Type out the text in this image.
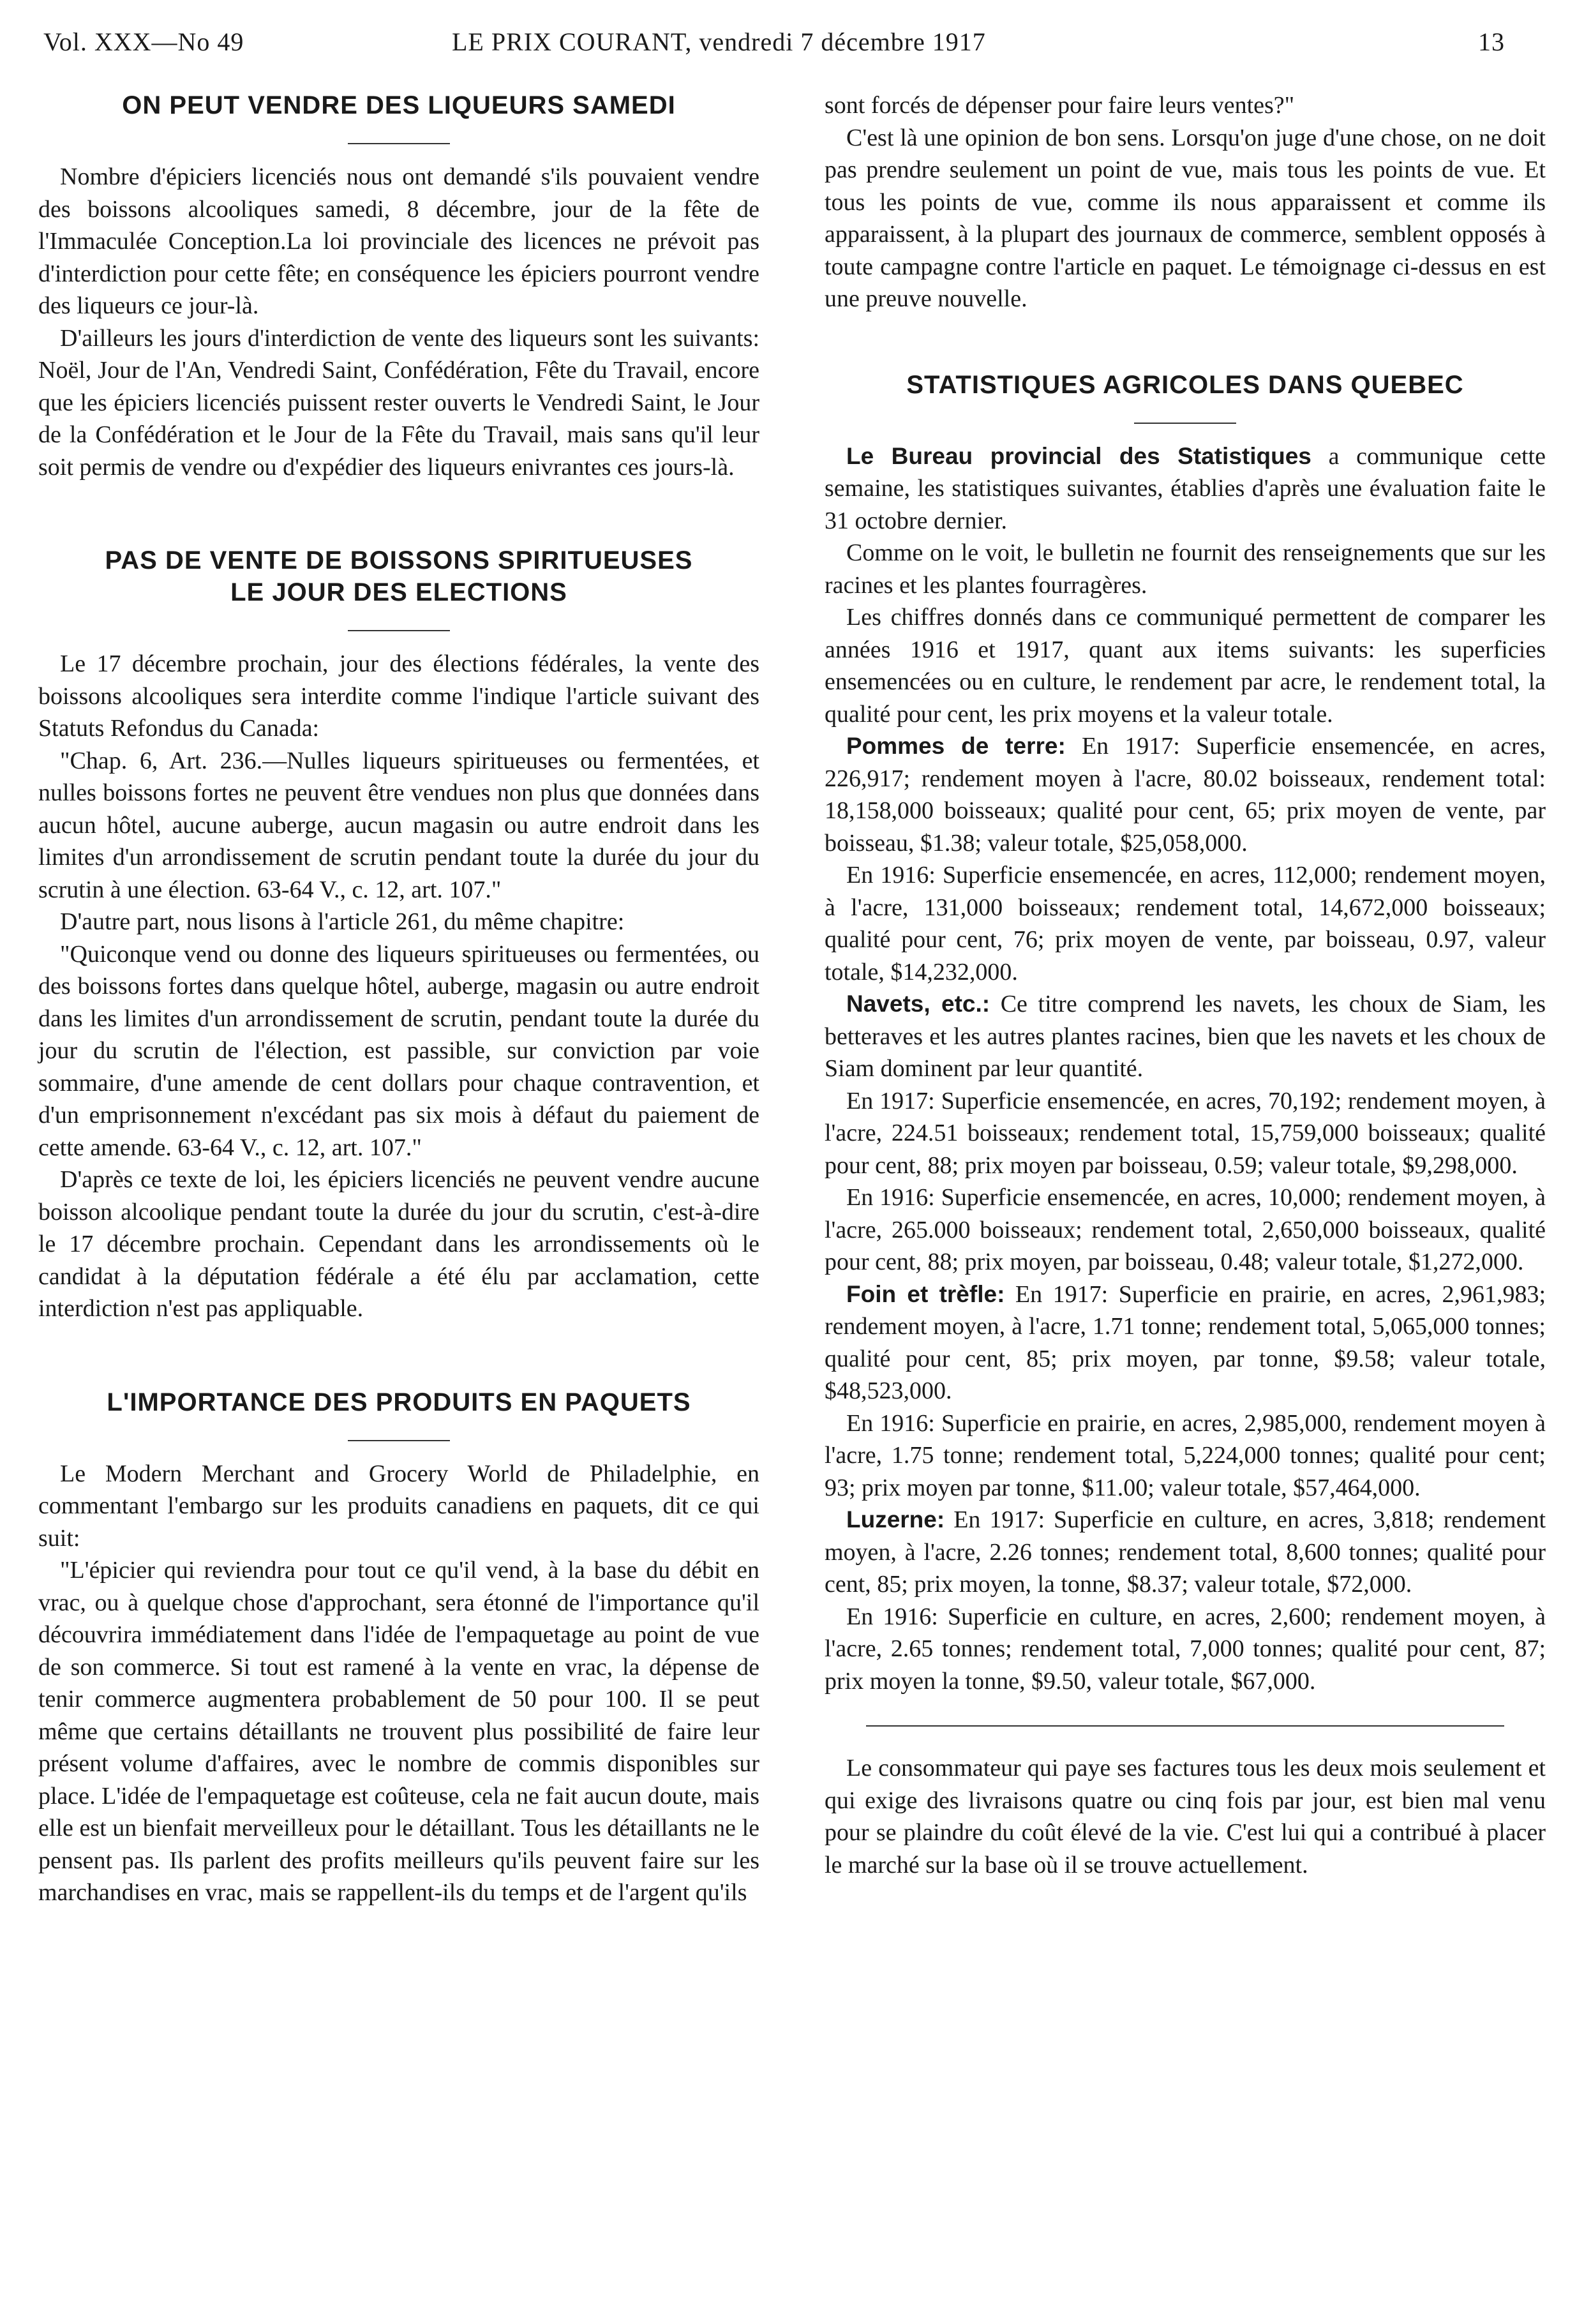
Vol. XXX—No 49	LE PRIX COURANT, vendredi 7 décembre 1917	13
ON PEUT VENDRE DES LIQUEURS SAMEDI

Nombre d'épiciers licenciés nous ont demandé s'ils pouvaient vendre des boissons alcooliques samedi, 8 décembre, jour de la fête de l'Immaculée Conception.La loi provinciale des licences ne prévoit pas d'interdiction pour cette fête; en conséquence les épiciers pourront vendre des liqueurs ce jour-là.

D'ailleurs les jours d'interdiction de vente des liqueurs sont les suivants: Noël, Jour de l'An, Vendredi Saint, Confédération, Fête du Travail, encore que les épiciers licenciés puissent rester ouverts le Vendredi Saint, le Jour de la Confédération et le Jour de la Fête du Travail, mais sans qu'il leur soit permis de vendre ou d'expédier des liqueurs enivrantes ces jours-là.

PAS DE VENTE DE BOISSONS SPIRITUEUSES
LE JOUR DES ELECTIONS

Le 17 décembre prochain, jour des élections fédérales, la vente des boissons alcooliques sera interdite comme l'indique l'article suivant des Statuts Refondus du Canada:

"Chap. 6, Art. 236.—Nulles liqueurs spiritueuses ou fermentées, et nulles boissons fortes ne peuvent être vendues non plus que données dans aucun hôtel, aucune auberge, aucun magasin ou autre endroit dans les limites d'un arrondissement de scrutin pendant toute la durée du jour du scrutin à une élection. 63-64 V., c. 12, art. 107."

D'autre part, nous lisons à l'article 261, du même chapitre:

"Quiconque vend ou donne des liqueurs spiritueuses ou fermentées, ou des boissons fortes dans quelque hôtel, auberge, magasin ou autre endroit dans les limites d'un arrondissement de scrutin, pendant toute la durée du jour du scrutin de l'élection, est passible, sur conviction par voie sommaire, d'une amende de cent dollars pour chaque contravention, et d'un emprisonnement n'excédant pas six mois à défaut du paiement de cette amende. 63-64 V., c. 12, art. 107."

D'après ce texte de loi, les épiciers licenciés ne peuvent vendre aucune boisson alcoolique pendant toute la durée du jour du scrutin, c'est-à-dire le 17 décembre prochain. Cependant dans les arrondissements où le candidat à la députation fédérale a été élu par acclamation, cette interdiction n'est pas appliquable.

L'IMPORTANCE DES PRODUITS EN PAQUETS

Le Modern Merchant and Grocery World de Philadelphie, en commentant l'embargo sur les produits canadiens en paquets, dit ce qui suit:

"L'épicier qui reviendra pour tout ce qu'il vend, à la base du débit en vrac, ou à quelque chose d'approchant, sera étonné de l'importance qu'il découvrira immédiatement dans l'idée de l'empaquetage au point de vue de son commerce. Si tout est ramené à la vente en vrac, la dépense de tenir commerce augmentera probablement de 50 pour 100. Il se peut même que certains détaillants ne trouvent plus possibilité de faire leur présent volume d'affaires, avec le nombre de commis disponibles sur place. L'idée de l'empaquetage est coûteuse, cela ne fait aucun doute, mais elle est un bienfait merveilleux pour le détaillant. Tous les détaillants ne le pensent pas. Ils parlent des profits meilleurs qu'ils peuvent faire sur les marchandises en vrac, mais se rappellent-ils du temps et de l'argent qu'ils

sont forcés de dépenser pour faire leurs ventes?"

C'est là une opinion de bon sens. Lorsqu'on juge d'une chose, on ne doit pas prendre seulement un point de vue, mais tous les points de vue. Et tous les points de vue, comme ils nous apparaissent et comme ils apparaissent, à la plupart des journaux de commerce, semblent opposés à toute campagne contre l'article en paquet. Le témoignage ci-dessus en est une preuve nouvelle.

STATISTIQUES AGRICOLES DANS QUEBEC

Le Bureau provincial des Statistiques a communique cette semaine, les statistiques suivantes, établies d'après une évaluation faite le 31 octobre dernier.

Comme on le voit, le bulletin ne fournit des renseignements que sur les racines et les plantes fourragères.

Les chiffres donnés dans ce communiqué permettent de comparer les années 1916 et 1917, quant aux items suivants: les superficies ensemencées ou en culture, le rendement par acre, le rendement total, la qualité pour cent, les prix moyens et la valeur totale.

Pommes de terre: En 1917: Superficie ensemencée, en acres, 226,917; rendement moyen à l'acre, 80.02 boisseaux, rendement total: 18,158,000 boisseaux; qualité pour cent, 65; prix moyen de vente, par boisseau, $1.38; valeur totale, $25,058,000.

En 1916: Superficie ensemencée, en acres, 112,000; rendement moyen, à l'acre, 131,000 boisseaux; rendement total, 14,672,000 boisseaux; qualité pour cent, 76; prix moyen de vente, par boisseau, 0.97, valeur totale, $14,232,000.

Navets, etc.: Ce titre comprend les navets, les choux de Siam, les betteraves et les autres plantes racines, bien que les navets et les choux de Siam dominent par leur quantité.

En 1917: Superficie ensemencée, en acres, 70,192; rendement moyen, à l'acre, 224.51 boisseaux; rendement total, 15,759,000 boisseaux; qualité pour cent, 88; prix moyen par boisseau, 0.59; valeur totale, $9,298,000.

En 1916: Superficie ensemencée, en acres, 10,000; rendement moyen, à l'acre, 265.000 boisseaux; rendement total, 2,650,000 boisseaux, qualité pour cent, 88; prix moyen, par boisseau, 0.48; valeur totale, $1,272,000.

Foin et trèfle: En 1917: Superficie en prairie, en acres, 2,961,983; rendement moyen, à l'acre, 1.71 tonne; rendement total, 5,065,000 tonnes; qualité pour cent, 85; prix moyen, par tonne, $9.58; valeur totale, $48,523,000.

En 1916: Superficie en prairie, en acres, 2,985,000, rendement moyen à l'acre, 1.75 tonne; rendement total, 5,224,000 tonnes; qualité pour cent; 93; prix moyen par tonne, $11.00; valeur totale, $57,464,000.

Luzerne: En 1917: Superficie en culture, en acres, 3,818; rendement moyen, à l'acre, 2.26 tonnes; rendement total, 8,600 tonnes; qualité pour cent, 85; prix moyen, la tonne, $8.37; valeur totale, $72,000.

En 1916: Superficie en culture, en acres, 2,600; rendement moyen, à l'acre, 2.65 tonnes; rendement total, 7,000 tonnes; qualité pour cent, 87; prix moyen la tonne, $9.50, valeur totale, $67,000.

Le consommateur qui paye ses factures tous les deux mois seulement et qui exige des livraisons quatre ou cinq fois par jour, est bien mal venu pour se plaindre du coût élevé de la vie. C'est lui qui a contribué à placer le marché sur la base où il se trouve actuellement.
